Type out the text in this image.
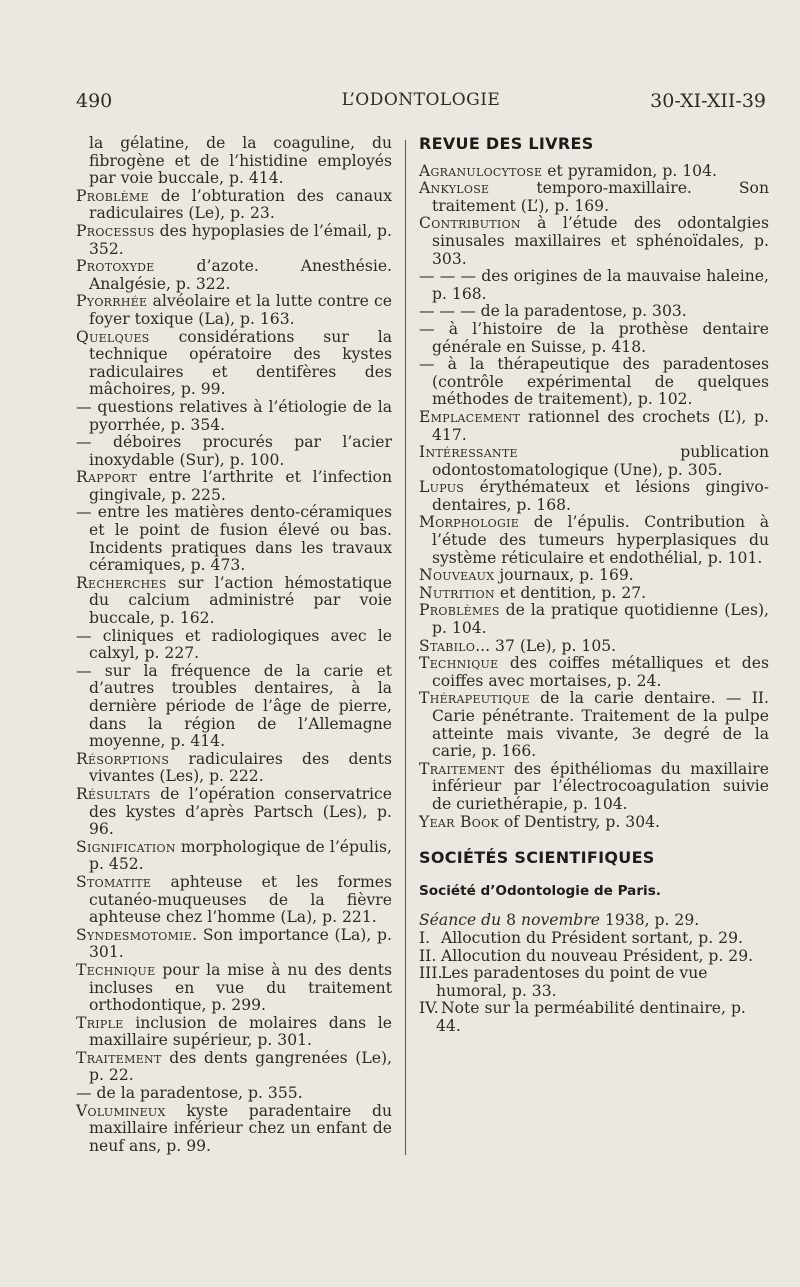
490	L’ODONTOLOGIE	30-XI-XII-39

la gélatine, de la coaguline, du fibrogène et de l’histidine employés par voie buccale, p. 414.

Problème de l’obturation des canaux radiculaires (Le), p. 23.

Processus des hypoplasies de l’émail, p. 352.

Protoxyde d’azote. Anesthésie. Analgésie, p. 322.

Pyorrhée alvéolaire et la lutte contre ce foyer toxique (La), p. 163.

Quelques considérations sur la technique opératoire des kystes radiculaires et dentifères des mâchoires, p. 99.

— questions relatives à l’étiologie de la pyorrhée, p. 354.

— déboires procurés par l’acier inoxydable (Sur), p. 100.

Rapport entre l’arthrite et l’infection gingivale, p. 225.

— entre les matières dento-céramiques et le point de fusion élevé ou bas. Incidents pratiques dans les travaux céramiques, p. 473.

Recherches sur l’action hémostatique du calcium administré par voie buccale, p. 162.

— cliniques et radiologiques avec le calxyl, p. 227.

— sur la fréquence de la carie et d’autres troubles dentaires, à la dernière période de l’âge de pierre, dans la région de l’Allemagne moyenne, p. 414.

Résorptions radiculaires des dents vivantes (Les), p. 222.

Résultats de l’opération conservatrice des kystes d’après Partsch (Les), p. 96.

Signification morphologique de l’épulis, p. 452.

Stomatite aphteuse et les formes cutanéo-muqueuses de la fièvre aphteuse chez l’homme (La), p. 221.

Syndesmotomie. Son importance (La), p. 301.

Technique pour la mise à nu des dents incluses en vue du traitement orthodontique, p. 299.

Triple inclusion de molaires dans le maxillaire supérieur, p. 301.

Traitement des dents gangrenées (Le), p. 22.

— de la paradentose, p. 355.

Volumineux kyste paradentaire du maxillaire inférieur chez un enfant de neuf ans, p. 99.

REVUE DES LIVRES

Agranulocytose et pyramidon, p. 104.

Ankylose temporo-maxillaire. Son traitement (L’), p. 169.

Contribution à l’étude des odontalgies sinusales maxillaires et sphénoïdales, p. 303.

— — — des origines de la mauvaise haleine, p. 168.

— — — de la paradentose, p. 303.

— à l’histoire de la prothèse dentaire générale en Suisse, p. 418.

— à la thérapeutique des paradentoses (contrôle expérimental de quelques méthodes de traitement), p. 102.

Emplacement rationnel des crochets (L’), p. 417.

Intéressante publication odontostomatologique (Une), p. 305.

Lupus érythémateux et lésions gingivo-dentaires, p. 168.

Morphologie de l’épulis. Contribution à l’étude des tumeurs hyperplasiques du système réticulaire et endothélial, p. 101.

Nouveaux journaux, p. 169.

Nutrition et dentition, p. 27.

Problèmes de la pratique quotidienne (Les), p. 104.

Stabilo... 37 (Le), p. 105.

Technique des coiffes métalliques et des coiffes avec mortaises, p. 24.

Thérapeutique de la carie dentaire. — II. Carie pénétrante. Traitement de la pulpe atteinte mais vivante, 3e degré de la carie, p. 166.

Traitement des épithéliomas du maxillaire inférieur par l’électrocoagulation suivie de curiethérapie, p. 104.

Year Book of Dentistry, p. 304.

SOCIÉTÉS SCIENTIFIQUES
Société d’Odontologie de Paris.

Séance du 8 novembre 1938, p. 29.

I. Allocution du Président sortant, p. 29.

II. Allocution du nouveau Président, p. 29.

III. Les paradentoses du point de vue humoral, p. 33.

IV. Note sur la perméabilité dentinaire, p. 44.
